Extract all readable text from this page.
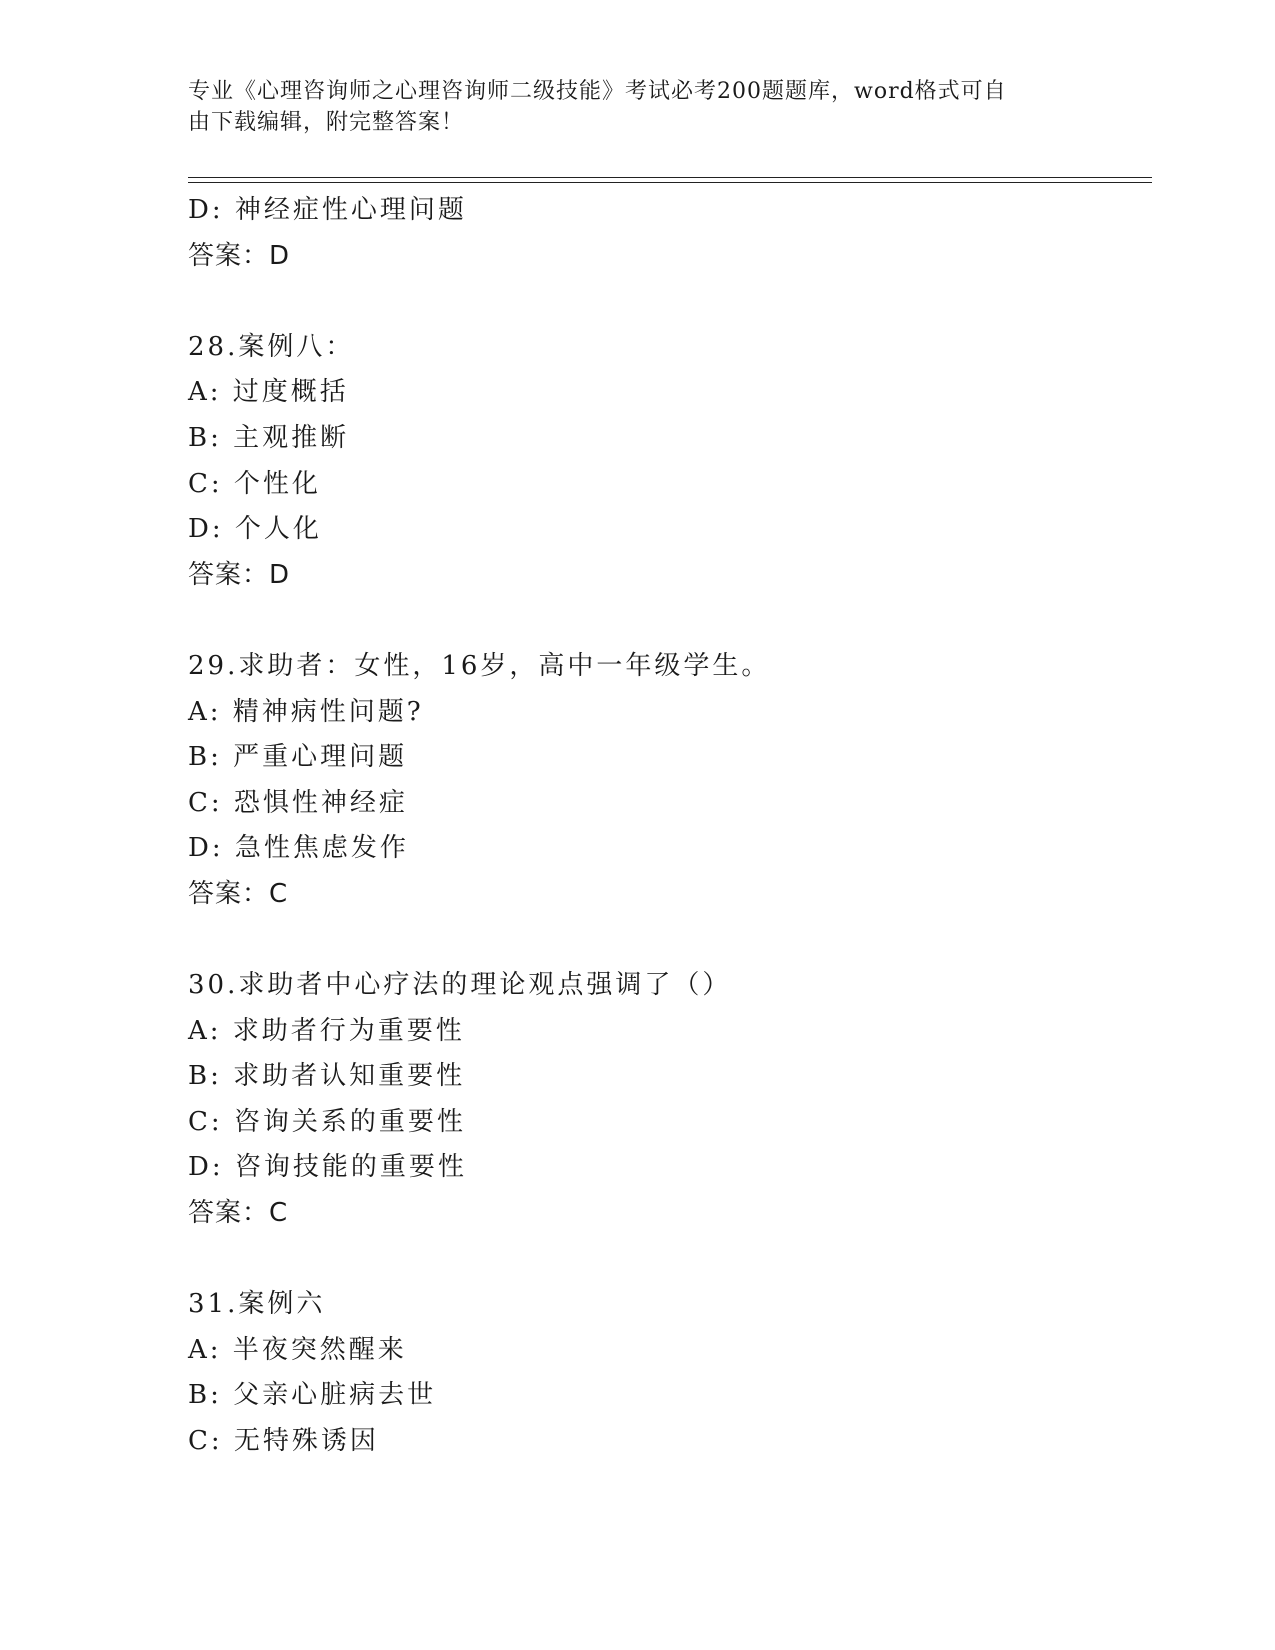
专业《心理咨询师之心理咨询师二级技能》考试必考200题题库，word格式可自
由下载编辑，附完整答案！
D: 神经症性心理问题
答案：D
28.案例八：
A: 过度概括
B: 主观推断
C: 个性化
D: 个人化
答案：D
29.求助者：女性，16岁，高中一年级学生。
A: 精神病性问题?
B: 严重心理问题
C: 恐惧性神经症
D: 急性焦虑发作
答案：C
30.求助者中心疗法的理论观点强调了（）
A: 求助者行为重要性
B: 求助者认知重要性
C: 咨询关系的重要性
D: 咨询技能的重要性
答案：C
31.案例六
A: 半夜突然醒来
B: 父亲心脏病去世
C: 无特殊诱因
